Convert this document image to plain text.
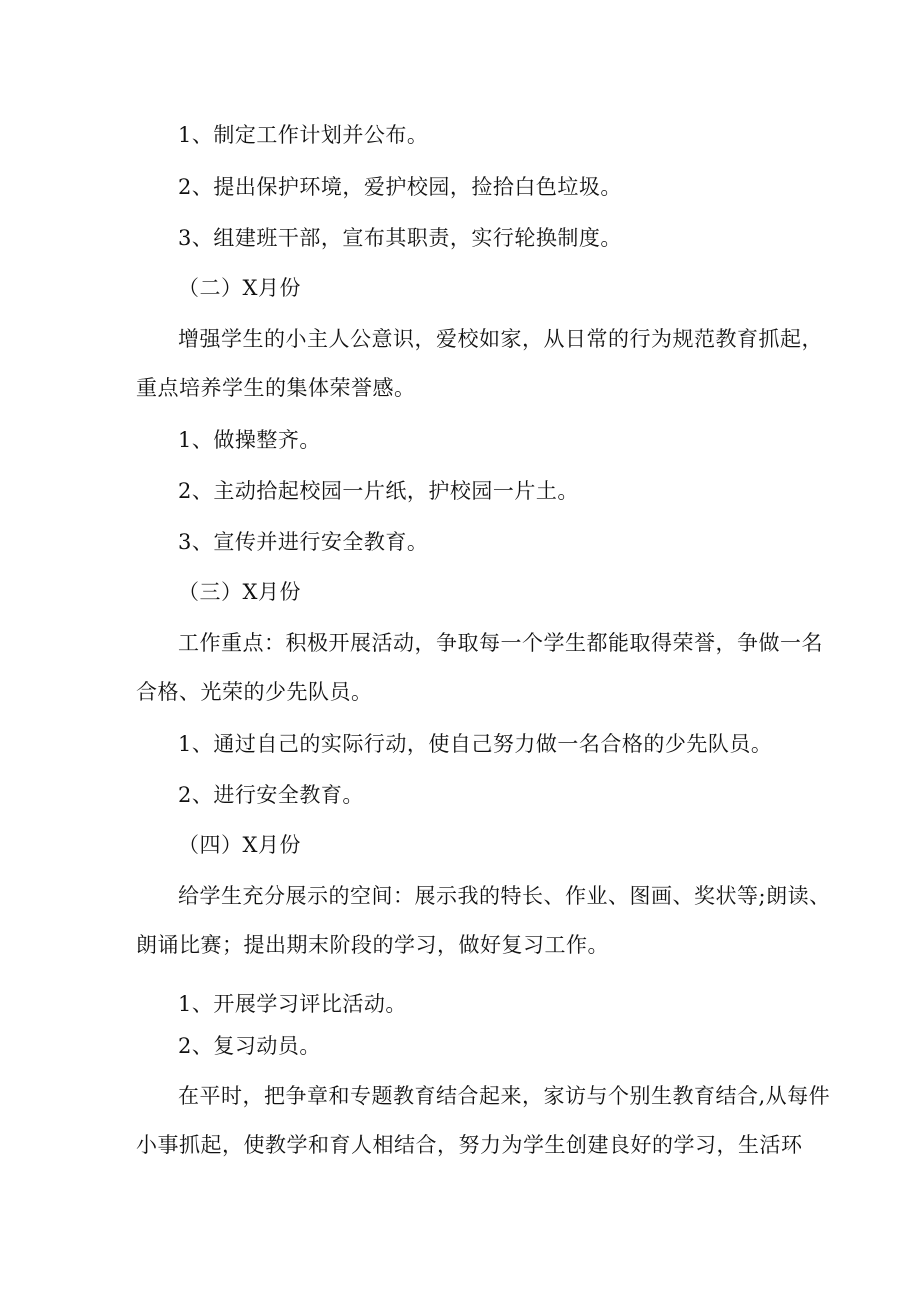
1、制定工作计划并公布。
2、提出保护环境，爱护校园，捡拾白色垃圾。
3、组建班干部，宣布其职责，实行轮换制度。
（二）X月份
增强学生的小主人公意识，爱校如家，从日常的行为规范教育抓起，
重点培养学生的集体荣誉感。
1、做操整齐。
2、主动拾起校园一片纸，护校园一片土。
3、宣传并进行安全教育。
（三）X月份
工作重点：积极开展活动，争取每一个学生都能取得荣誉，争做一名
合格、光荣的少先队员。
1、通过自己的实际行动，使自己努力做一名合格的少先队员。
2、进行安全教育。
（四）X月份
给学生充分展示的空间：展示我的特长、作业、图画、奖状等;朗读、
朗诵比赛；提出期末阶段的学习，做好复习工作。
1、开展学习评比活动。
2、复习动员。
在平时，把争章和专题教育结合起来，家访与个别生教育结合,从每件
小事抓起，使教学和育人相结合，努力为学生创建良好的学习，生活环
